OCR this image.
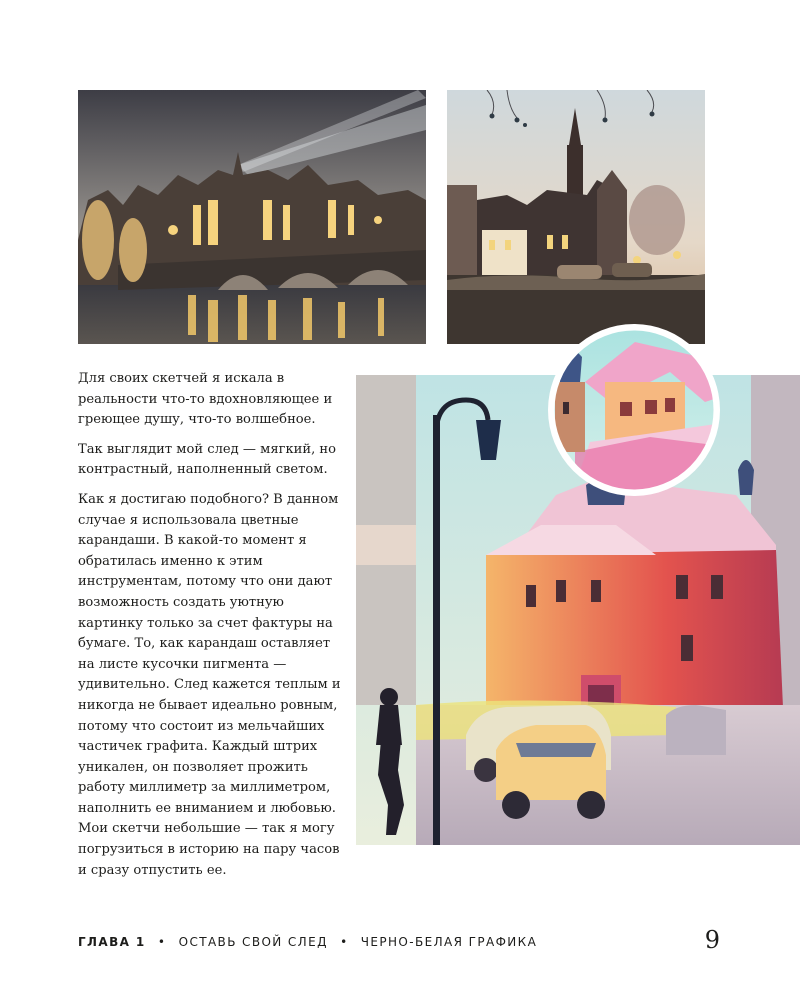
Для своих скетчей я искала в реальности что-то вдохновляющее и греющее душу, что-то волшебное.

Так выглядит мой след — мягкий, но контрастный, наполненный светом.

Как я достигаю подобного? В данном случае я использовала цветные карандаши. В какой-то момент я обратилась именно к этим инструментам, потому что они дают возможность создать уютную картинку только за счет фактуры на бумаге. То, как карандаш оставляет на листе кусочки пигмента — удивительно. След кажется теплым и никогда не бывает идеально ровным, потому что состоит из мельчайших частичек графита. Каждый штрих уникален, он позволяет прожить работу миллиметр за миллиметром, наполнить ее вниманием и любовью. Мои скетчи небольшие — так я могу погрузиться в историю на пару часов и сразу отпустить ее.

ГЛАВА 1 • ОСТАВЬ СВОЙ СЛЕД • ЧЕРНО-БЕЛАЯ ГРАФИКА	9
